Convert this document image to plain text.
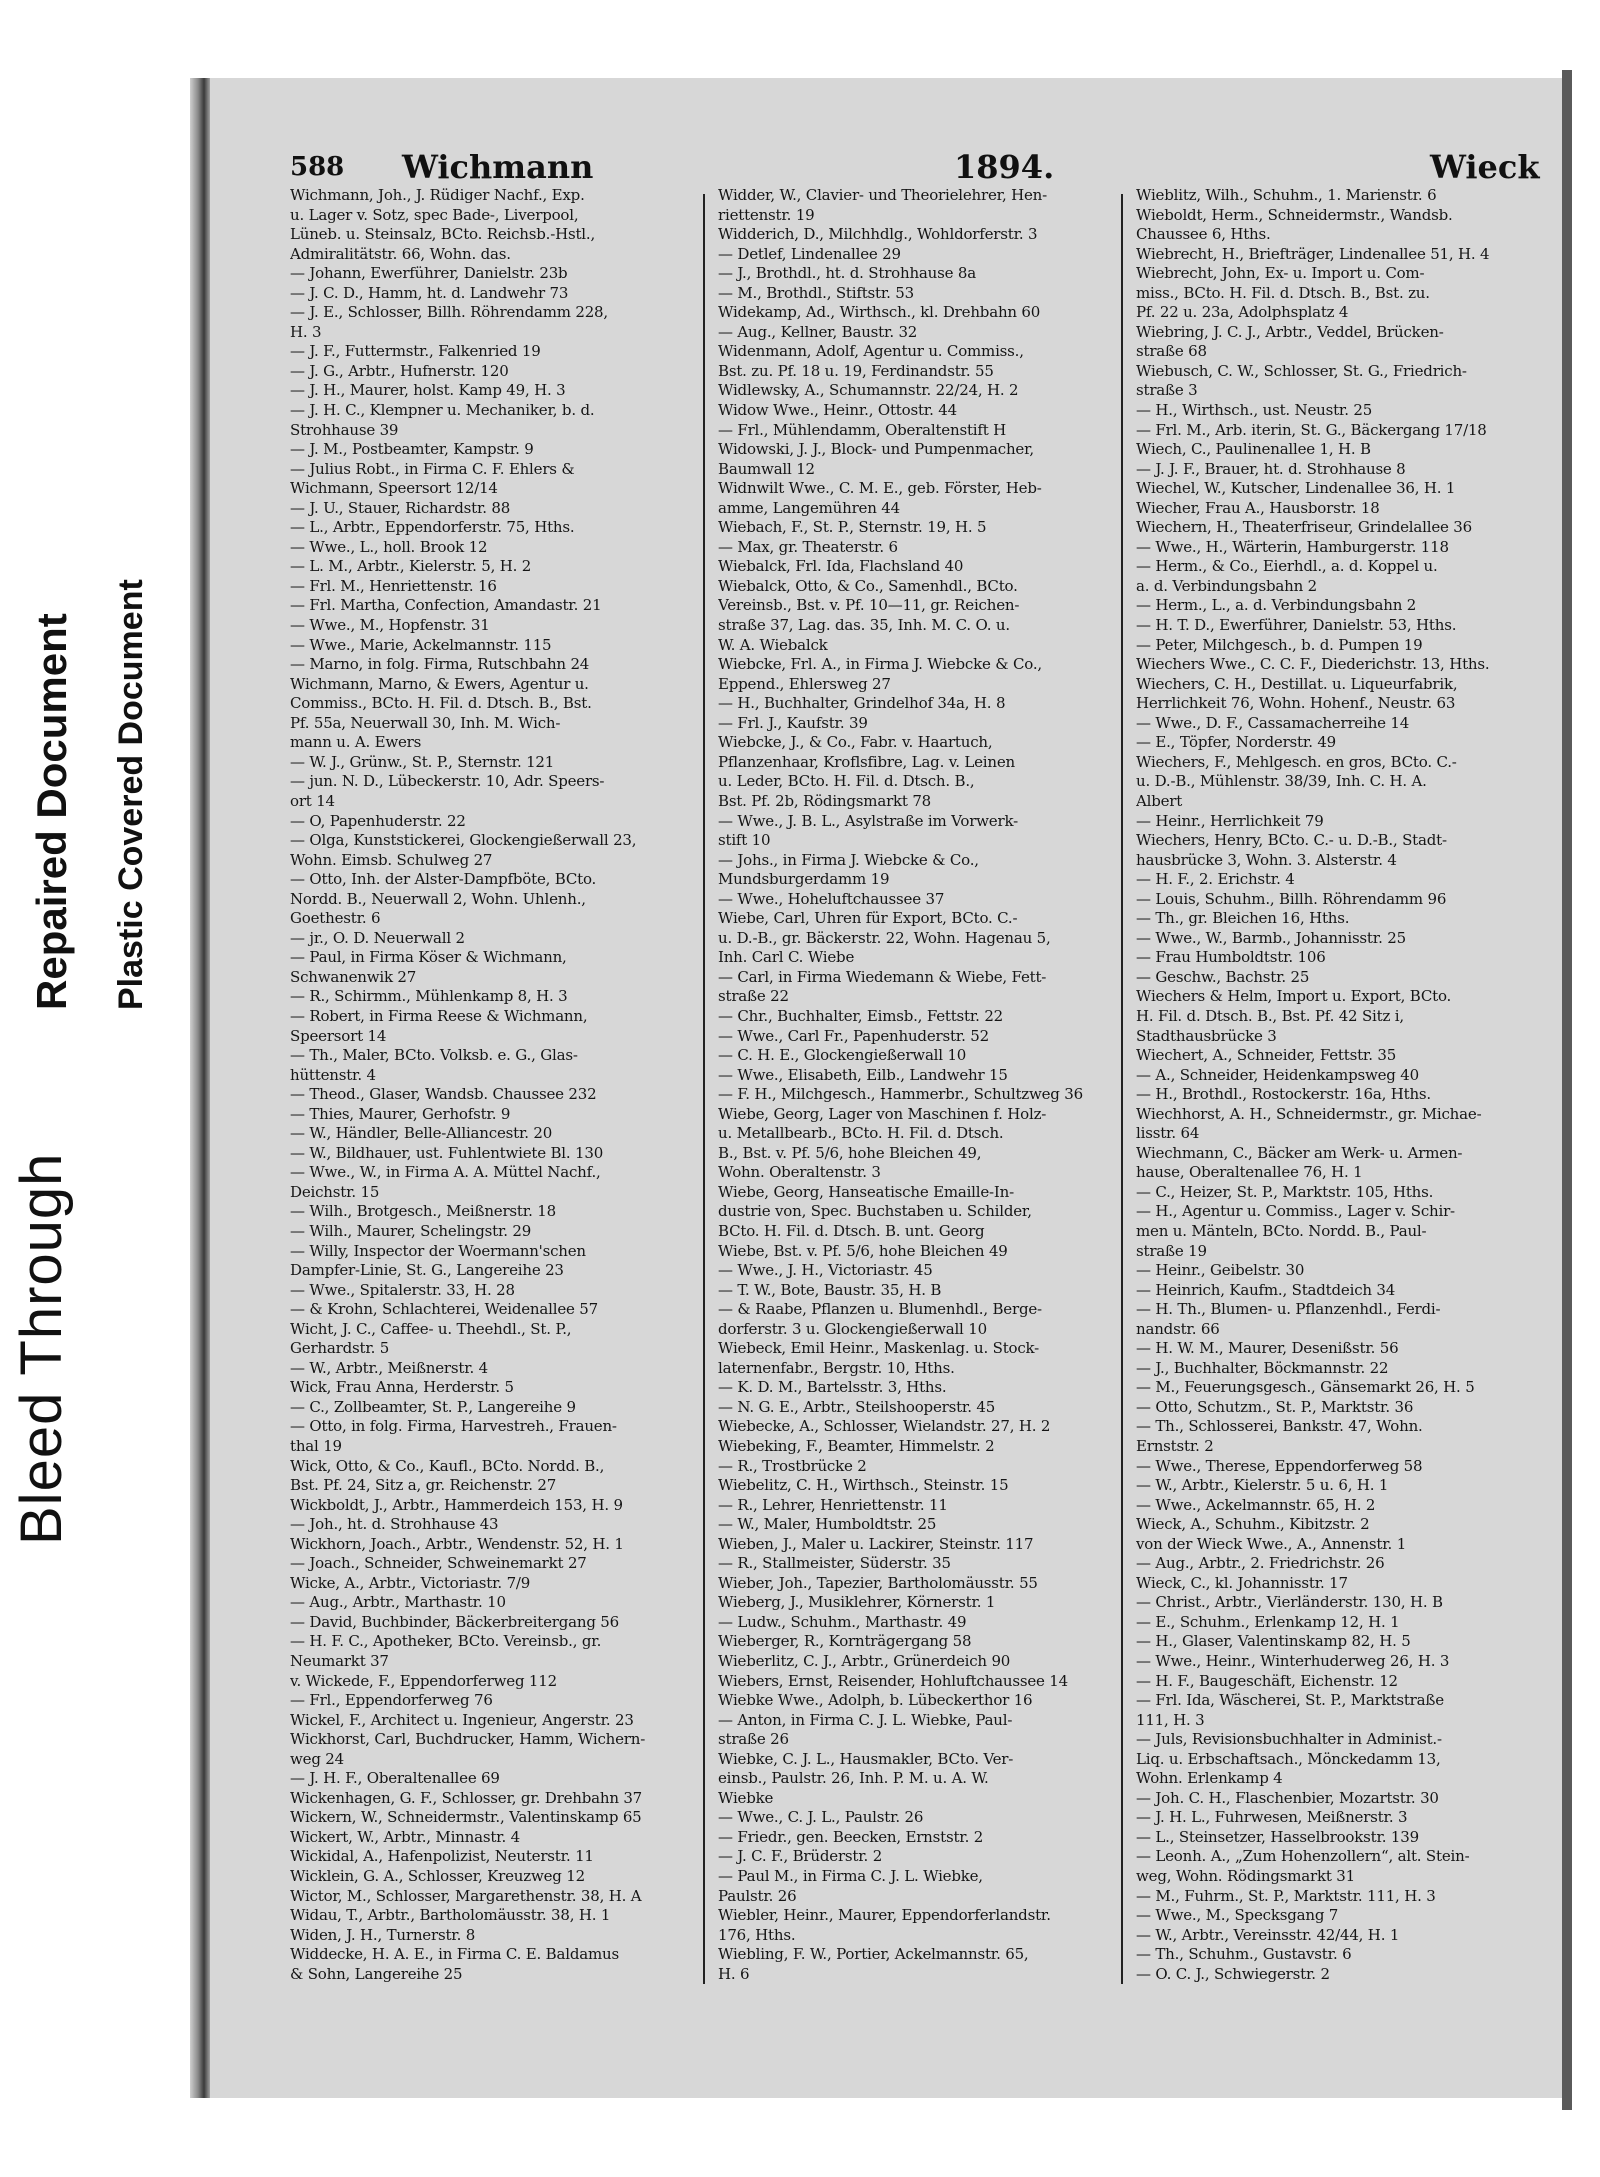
Bleed Through
Repaired Document Plastic Covered Document
588 Wichmann	1894.	Wieck
Wichmann, Joh., J. Rüdiger Nachf., Exp.
u. Lager v. Sotz, spec Bade-, Liverpool,
Lüneb. u. Steinsalz, BCto. Reichsb.-Hstl.,
Admiralitätstr. 66, Wohn. das.
— Johann, Ewerführer, Danielstr. 23b
— J. C. D., Hamm, ht. d. Landwehr 73
— J. E., Schlosser, Billh. Röhrendamm 228,
H. 3
— J. F., Futtermstr., Falkenried 19
— J. G., Arbtr., Hufnerstr. 120
— J. H., Maurer, holst. Kamp 49, H. 3
— J. H. C., Klempner u. Mechaniker, b. d.
Strohhause 39
— J. M., Postbeamter, Kampstr. 9
— Julius Robt., in Firma C. F. Ehlers &
Wichmann, Speersort 12/14
— J. U., Stauer, Richardstr. 88
— L., Arbtr., Eppendorferstr. 75, Hths.
— Wwe., L., holl. Brook 12
— L. M., Arbtr., Kielerstr. 5, H. 2
— Frl. M., Henriettenstr. 16
— Frl. Martha, Confection, Amandastr. 21
— Wwe., M., Hopfenstr. 31
— Wwe., Marie, Ackelmannstr. 115
— Marno, in folg. Firma, Rutschbahn 24
Wichmann, Marno, & Ewers, Agentur u.
Commiss., BCto. H. Fil. d. Dtsch. B., Bst.
Pf. 55a, Neuerwall 30, Inh. M. Wich-
mann u. A. Ewers
— W. J., Grünw., St. P., Sternstr. 121
— jun. N. D., Lübeckerstr. 10, Adr. Speers-
ort 14
— O, Papenhuderstr. 22
— Olga, Kunststickerei, Glockengießerwall 23,
Wohn. Eimsb. Schulweg 27
— Otto, Inh. der Alster-Dampfböte, BCto.
Nordd. B., Neuerwall 2, Wohn. Uhlenh.,
Goethestr. 6
— jr., O. D. Neuerwall 2
— Paul, in Firma Köser & Wichmann,
Schwanenwik 27
— R., Schirmm., Mühlenkamp 8, H. 3
— Robert, in Firma Reese & Wichmann,
Speersort 14
— Th., Maler, BCto. Volksb. e. G., Glas-
hüttenstr. 4
— Theod., Glaser, Wandsb. Chaussee 232
— Thies, Maurer, Gerhofstr. 9
— W., Händler, Belle-Alliancestr. 20
— W., Bildhauer, ust. Fuhlentwiete Bl. 130
— Wwe., W., in Firma A. A. Müttel Nachf.,
Deichstr. 15
— Wilh., Brotgesch., Meißnerstr. 18
— Wilh., Maurer, Schelingstr. 29
— Willy, Inspector der Woermann'schen
Dampfer-Linie, St. G., Langereihe 23
— Wwe., Spitalerstr. 33, H. 28
— & Krohn, Schlachterei, Weidenallee 57
Wicht, J. C., Caffee- u. Theehdl., St. P.,
Gerhardstr. 5
— W., Arbtr., Meißnerstr. 4
Wick, Frau Anna, Herderstr. 5
— C., Zollbeamter, St. P., Langereihe 9
— Otto, in folg. Firma, Harvestreh., Frauen-
thal 19
Wick, Otto, & Co., Kaufl., BCto. Nordd. B.,
Bst. Pf. 24, Sitz a, gr. Reichenstr. 27
Wickboldt, J., Arbtr., Hammerdeich 153, H. 9
— Joh., ht. d. Strohhause 43
Wickhorn, Joach., Arbtr., Wendenstr. 52, H. 1
— Joach., Schneider, Schweinemarkt 27
Wicke, A., Arbtr., Victoriastr. 7/9
— Aug., Arbtr., Marthastr. 10
— David, Buchbinder, Bäckerbreitergang 56
— H. F. C., Apotheker, BCto. Vereinsb., gr.
Neumarkt 37
v. Wickede, F., Eppendorferweg 112
— Frl., Eppendorferweg 76
Wickel, F., Architect u. Ingenieur, Angerstr. 23
Wickhorst, Carl, Buchdrucker, Hamm, Wichern-
weg 24
— J. H. F., Oberaltenallee 69
Wickenhagen, G. F., Schlosser, gr. Drehbahn 37
Wickern, W., Schneidermstr., Valentinskamp 65
Wickert, W., Arbtr., Minnastr. 4
Wickidal, A., Hafenpolizist, Neuterstr. 11
Wicklein, G. A., Schlosser, Kreuzweg 12
Wictor, M., Schlosser, Margarethenstr. 38, H. A
Widau, T., Arbtr., Bartholomäusstr. 38, H. 1
Widen, J. H., Turnerstr. 8
Widdecke, H. A. E., in Firma C. E. Baldamus
& Sohn, Langereihe 25
Widder, W., Clavier- und Theorielehrer, Hen-
riettenstr. 19
Widderich, D., Milchhdlg., Wohldorferstr. 3
— Detlef, Lindenallee 29
— J., Brothdl., ht. d. Strohhause 8a
— M., Brothdl., Stiftstr. 53
Widekamp, Ad., Wirthsch., kl. Drehbahn 60
— Aug., Kellner, Baustr. 32
Widenmann, Adolf, Agentur u. Commiss.,
Bst. zu. Pf. 18 u. 19, Ferdinandstr. 55
Widlewsky, A., Schumannstr. 22/24, H. 2
Widow Wwe., Heinr., Ottostr. 44
— Frl., Mühlendamm, Oberaltenstift H
Widowski, J. J., Block- und Pumpenmacher,
Baumwall 12
Widnwilt Wwe., C. M. E., geb. Förster, Heb-
amme, Langemühren 44
Wiebach, F., St. P., Sternstr. 19, H. 5
— Max, gr. Theaterstr. 6
Wiebalck, Frl. Ida, Flachsland 40
Wiebalck, Otto, & Co., Samenhdl., BCto.
Vereinsb., Bst. v. Pf. 10—11, gr. Reichen-
straße 37, Lag. das. 35, Inh. M. C. O. u.
W. A. Wiebalck
Wiebcke, Frl. A., in Firma J. Wiebcke & Co.,
Eppend., Ehlersweg 27
— H., Buchhalter, Grindelhof 34a, H. 8
— Frl. J., Kaufstr. 39
Wiebcke, J., & Co., Fabr. v. Haartuch,
Pflanzenhaar, Kroflsfibre, Lag. v. Leinen
u. Leder, BCto. H. Fil. d. Dtsch. B.,
Bst. Pf. 2b, Rödingsmarkt 78
— Wwe., J. B. L., Asylstraße im Vorwerk-
stift 10
— Johs., in Firma J. Wiebcke & Co.,
Mundsburgerdamm 19
— Wwe., Hoheluftchaussee 37
Wiebe, Carl, Uhren für Export, BCto. C.-
u. D.-B., gr. Bäckerstr. 22, Wohn. Hagenau 5,
Inh. Carl C. Wiebe
— Carl, in Firma Wiedemann & Wiebe, Fett-
straße 22
— Chr., Buchhalter, Eimsb., Fettstr. 22
— Wwe., Carl Fr., Papenhuderstr. 52
— C. H. E., Glockengießerwall 10
— Wwe., Elisabeth, Eilb., Landwehr 15
— F. H., Milchgesch., Hammerbr., Schultzweg 36
Wiebe, Georg, Lager von Maschinen f. Holz-
u. Metallbearb., BCto. H. Fil. d. Dtsch.
B., Bst. v. Pf. 5/6, hohe Bleichen 49,
Wohn. Oberaltenstr. 3
Wiebe, Georg, Hanseatische Emaille-In-
dustrie von, Spec. Buchstaben u. Schilder,
BCto. H. Fil. d. Dtsch. B. unt. Georg
Wiebe, Bst. v. Pf. 5/6, hohe Bleichen 49
— Wwe., J. H., Victoriastr. 45
— T. W., Bote, Baustr. 35, H. B
— & Raabe, Pflanzen u. Blumenhdl., Berge-
dorferstr. 3 u. Glockengießerwall 10
Wiebeck, Emil Heinr., Maskenlag. u. Stock-
laternenfabr., Bergstr. 10, Hths.
— K. D. M., Bartelsstr. 3, Hths.
— N. G. E., Arbtr., Steilshooperstr. 45
Wiebecke, A., Schlosser, Wielandstr. 27, H. 2
Wiebeking, F., Beamter, Himmelstr. 2
— R., Trostbrücke 2
Wiebelitz, C. H., Wirthsch., Steinstr. 15
— R., Lehrer, Henriettenstr. 11
— W., Maler, Humboldtstr. 25
Wieben, J., Maler u. Lackirer, Steinstr. 117
— R., Stallmeister, Süderstr. 35
Wieber, Joh., Tapezier, Bartholomäusstr. 55
Wieberg, J., Musiklehrer, Körnerstr. 1
— Ludw., Schuhm., Marthastr. 49
Wieberger, R., Kornträgergang 58
Wieberlitz, C. J., Arbtr., Grünerdeich 90
Wiebers, Ernst, Reisender, Hohluftchaussee 14
Wiebke Wwe., Adolph, b. Lübeckerthor 16
— Anton, in Firma C. J. L. Wiebke, Paul-
straße 26
Wiebke, C. J. L., Hausmakler, BCto. Ver-
einsb., Paulstr. 26, Inh. P. M. u. A. W.
Wiebke
— Wwe., C. J. L., Paulstr. 26
— Friedr., gen. Beecken, Ernststr. 2
— J. C. F., Brüderstr. 2
— Paul M., in Firma C. J. L. Wiebke,
Paulstr. 26
Wiebler, Heinr., Maurer, Eppendorferlandstr.
176, Hths.
Wiebling, F. W., Portier, Ackelmannstr. 65,
H. 6
Wieblitz, Wilh., Schuhm., 1. Marienstr. 6
Wieboldt, Herm., Schneidermstr., Wandsb.
Chaussee 6, Hths.
Wiebrecht, H., Briefträger, Lindenallee 51, H. 4
Wiebrecht, John, Ex- u. Import u. Com-
miss., BCto. H. Fil. d. Dtsch. B., Bst. zu.
Pf. 22 u. 23a, Adolphsplatz 4
Wiebring, J. C. J., Arbtr., Veddel, Brücken-
straße 68
Wiebusch, C. W., Schlosser, St. G., Friedrich-
straße 3
— H., Wirthsch., ust. Neustr. 25
— Frl. M., Arb. iterin, St. G., Bäckergang 17/18
Wiech, C., Paulinenallee 1, H. B
— J. J. F., Brauer, ht. d. Strohhause 8
Wiechel, W., Kutscher, Lindenallee 36, H. 1
Wiecher, Frau A., Hausborstr. 18
Wiechern, H., Theaterfriseur, Grindelallee 36
— Wwe., H., Wärterin, Hamburgerstr. 118
— Herm., & Co., Eierhdl., a. d. Koppel u.
a. d. Verbindungsbahn 2
— Herm., L., a. d. Verbindungsbahn 2
— H. T. D., Ewerführer, Danielstr. 53, Hths.
— Peter, Milchgesch., b. d. Pumpen 19
Wiechers Wwe., C. C. F., Diederichstr. 13, Hths.
Wiechers, C. H., Destillat. u. Liqueurfabrik,
Herrlichkeit 76, Wohn. Hohenf., Neustr. 63
— Wwe., D. F., Cassamacherreihe 14
— E., Töpfer, Norderstr. 49
Wiechers, F., Mehlgesch. en gros, BCto. C.-
u. D.-B., Mühlenstr. 38/39, Inh. C. H. A.
Albert
— Heinr., Herrlichkeit 79
Wiechers, Henry, BCto. C.- u. D.-B., Stadt-
hausbrücke 3, Wohn. 3. Alsterstr. 4
— H. F., 2. Erichstr. 4
— Louis, Schuhm., Billh. Röhrendamm 96
— Th., gr. Bleichen 16, Hths.
— Wwe., W., Barmb., Johannisstr. 25
— Frau Humboldtstr. 106
— Geschw., Bachstr. 25
Wiechers & Helm, Import u. Export, BCto.
H. Fil. d. Dtsch. B., Bst. Pf. 42 Sitz i,
Stadthausbrücke 3
Wiechert, A., Schneider, Fettstr. 35
— A., Schneider, Heidenkampsweg 40
— H., Brothdl., Rostockerstr. 16a, Hths.
Wiechhorst, A. H., Schneidermstr., gr. Michae-
lisstr. 64
Wiechmann, C., Bäcker am Werk- u. Armen-
hause, Oberaltenallee 76, H. 1
— C., Heizer, St. P., Marktstr. 105, Hths.
— H., Agentur u. Commiss., Lager v. Schir-
men u. Mänteln, BCto. Nordd. B., Paul-
straße 19
— Heinr., Geibelstr. 30
— Heinrich, Kaufm., Stadtdeich 34
— H. Th., Blumen- u. Pflanzenhdl., Ferdi-
nandstr. 66
— H. W. M., Maurer, Desenißstr. 56
— J., Buchhalter, Böckmannstr. 22
— M., Feuerungsgesch., Gänsemarkt 26, H. 5
— Otto, Schutzm., St. P., Marktstr. 36
— Th., Schlosserei, Bankstr. 47, Wohn.
Ernststr. 2
— Wwe., Therese, Eppendorferweg 58
— W., Arbtr., Kielerstr. 5 u. 6, H. 1
— Wwe., Ackelmannstr. 65, H. 2
Wieck, A., Schuhm., Kibitzstr. 2
von der Wieck Wwe., A., Annenstr. 1
— Aug., Arbtr., 2. Friedrichstr. 26
Wieck, C., kl. Johannisstr. 17
— Christ., Arbtr., Vierländerstr. 130, H. B
— E., Schuhm., Erlenkamp 12, H. 1
— H., Glaser, Valentinskamp 82, H. 5
— Wwe., Heinr., Winterhuderweg 26, H. 3
— H. F., Baugeschäft, Eichenstr. 12
— Frl. Ida, Wäscherei, St. P., Marktstraße
111, H. 3
— Juls, Revisionsbuchhalter in Administ.-
Liq. u. Erbschaftsach., Mönckedamm 13,
Wohn. Erlenkamp 4
— Joh. C. H., Flaschenbier, Mozartstr. 30
— J. H. L., Fuhrwesen, Meißnerstr. 3
— L., Steinsetzer, Hasselbrookstr. 139
— Leonh. A., „Zum Hohenzollern“, alt. Stein-
weg, Wohn. Rödingsmarkt 31
— M., Fuhrm., St. P., Marktstr. 111, H. 3
— Wwe., M., Specksgang 7
— W., Arbtr., Vereinsstr. 42/44, H. 1
— Th., Schuhm., Gustavstr. 6
— O. C. J., Schwiegerstr. 2
